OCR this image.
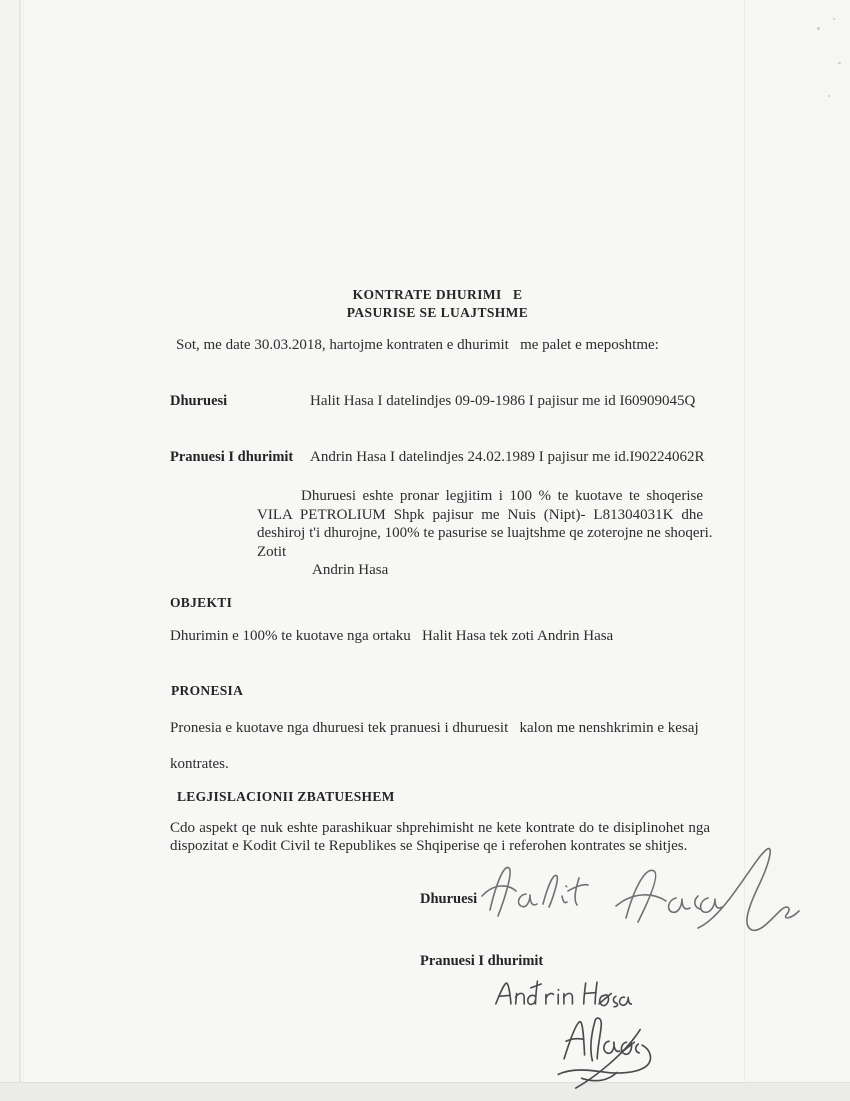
KONTRATE DHURIMI   E
PASURISE SE LUAJTSHME
Sot, me date 30.03.2018, hartojme kontraten e dhurimit   me palet e meposhtme:
Dhuruesi	Halit Hasa I datelindjes 09-09-1986 I pajisur me id I60909045Q
Pranuesi I dhurimit	Andrin Hasa I datelindjes 24.02.1989 I pajisur me id.I90224062R
Dhuruesi eshte pronar legjitim i 100 % te kuotave te shoqerise
VILA PETROLIUM Shpk pajisur me Nuis (Nipt)- L81304031K dhe
deshiroj t'i dhurojne, 100% te pasurise se luajtshme qe zoterojne ne shoqeri.
Zotit
Andrin Hasa
OBJEKTI
Dhurimin e 100% te kuotave nga ortaku   Halit Hasa tek zoti Andrin Hasa
PRONESIA
Pronesia e kuotave nga dhuruesi tek pranuesi i dhuruesit   kalon me nenshkrimin e kesaj
kontrates.
LEGJISLACIONII ZBATUESHEM
Cdo aspekt qe nuk eshte parashikuar shprehimisht ne kete kontrate do te disiplinohet nga
dispozitat e Kodit Civil te Republikes se Shqiperise qe i referohen kontrates se shitjes.
Dhuruesi
Pranuesi I dhurimit
